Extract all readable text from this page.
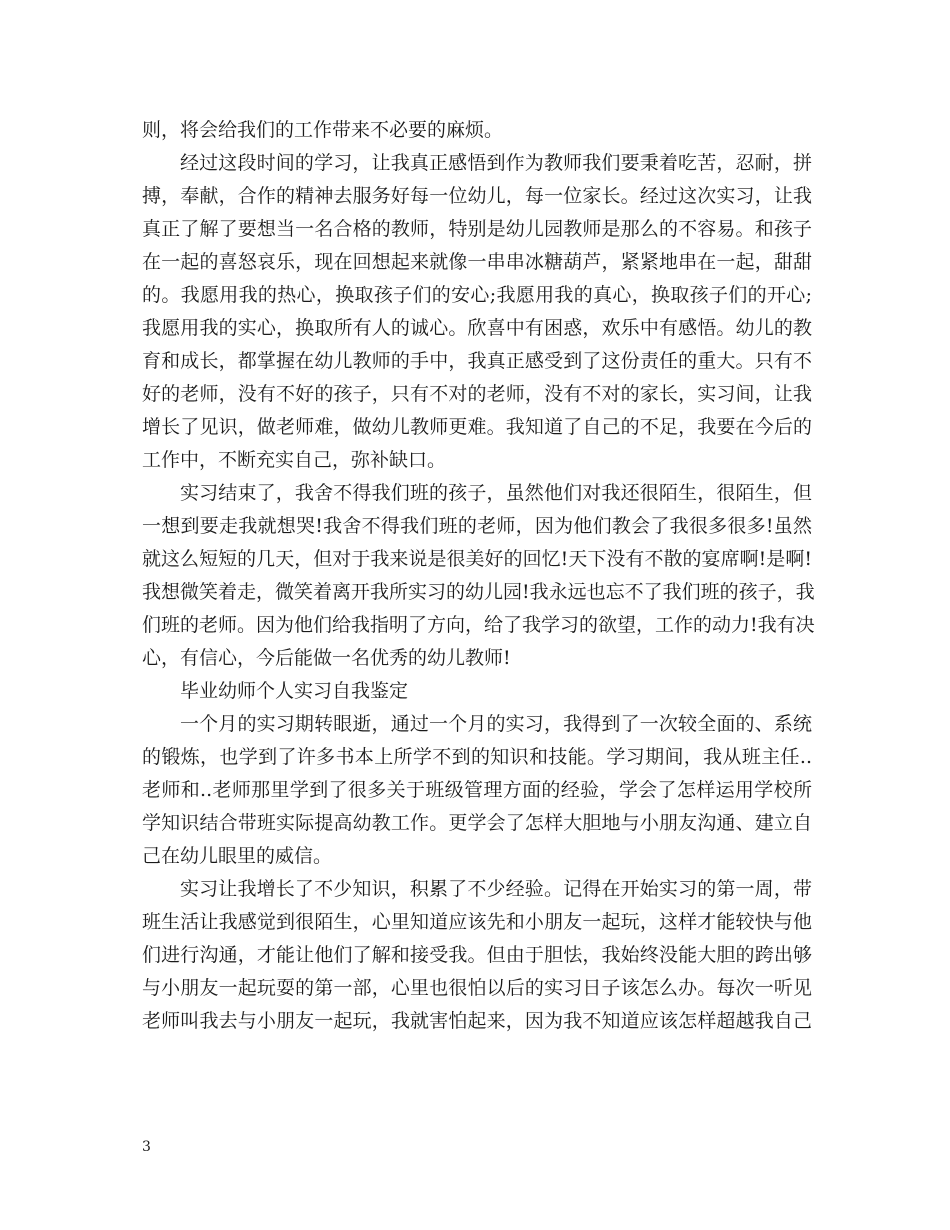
则，将会给我们的工作带来不必要的麻烦。
经过这段时间的学习，让我真正感悟到作为教师我们要秉着吃苦，忍耐，拼
搏，奉献，合作的精神去服务好每一位幼儿，每一位家长。经过这次实习，让我
真正了解了要想当一名合格的教师，特别是幼儿园教师是那么的不容易。和孩子
在一起的喜怒哀乐，现在回想起来就像一串串冰糖葫芦，紧紧地串在一起，甜甜
的。我愿用我的热心，换取孩子们的安心;我愿用我的真心，换取孩子们的开心;
我愿用我的实心，换取所有人的诚心。欣喜中有困惑，欢乐中有感悟。幼儿的教
育和成长，都掌握在幼儿教师的手中，我真正感受到了这份责任的重大。只有不
好的老师，没有不好的孩子，只有不对的老师，没有不对的家长，实习间，让我
增长了见识，做老师难，做幼儿教师更难。我知道了自己的不足，我要在今后的
工作中，不断充实自己，弥补缺口。
实习结束了，我舍不得我们班的孩子，虽然他们对我还很陌生，很陌生，但
一想到要走我就想哭!我舍不得我们班的老师，因为他们教会了我很多很多!虽然
就这么短短的几天，但对于我来说是很美好的回忆!天下没有不散的宴席啊!是啊!
我想微笑着走，微笑着离开我所实习的幼儿园!我永远也忘不了我们班的孩子，我
们班的老师。因为他们给我指明了方向，给了我学习的欲望，工作的动力!我有决
心，有信心，今后能做一名优秀的幼儿教师!
毕业幼师个人实习自我鉴定
一个月的实习期转眼逝，通过一个月的实习，我得到了一次较全面的、系统
的锻炼，也学到了许多书本上所学不到的知识和技能。学习期间，我从班主任..
老师和..老师那里学到了很多关于班级管理方面的经验，学会了怎样运用学校所
学知识结合带班实际提高幼教工作。更学会了怎样大胆地与小朋友沟通、建立自
己在幼儿眼里的威信。
实习让我增长了不少知识，积累了不少经验。记得在开始实习的第一周，带
班生活让我感觉到很陌生，心里知道应该先和小朋友一起玩，这样才能较快与他
们进行沟通，才能让他们了解和接受我。但由于胆怯，我始终没能大胆的跨出够
与小朋友一起玩耍的第一部，心里也很怕以后的实习日子该怎么办。每次一听见
老师叫我去与小朋友一起玩，我就害怕起来，因为我不知道应该怎样超越我自己
3
